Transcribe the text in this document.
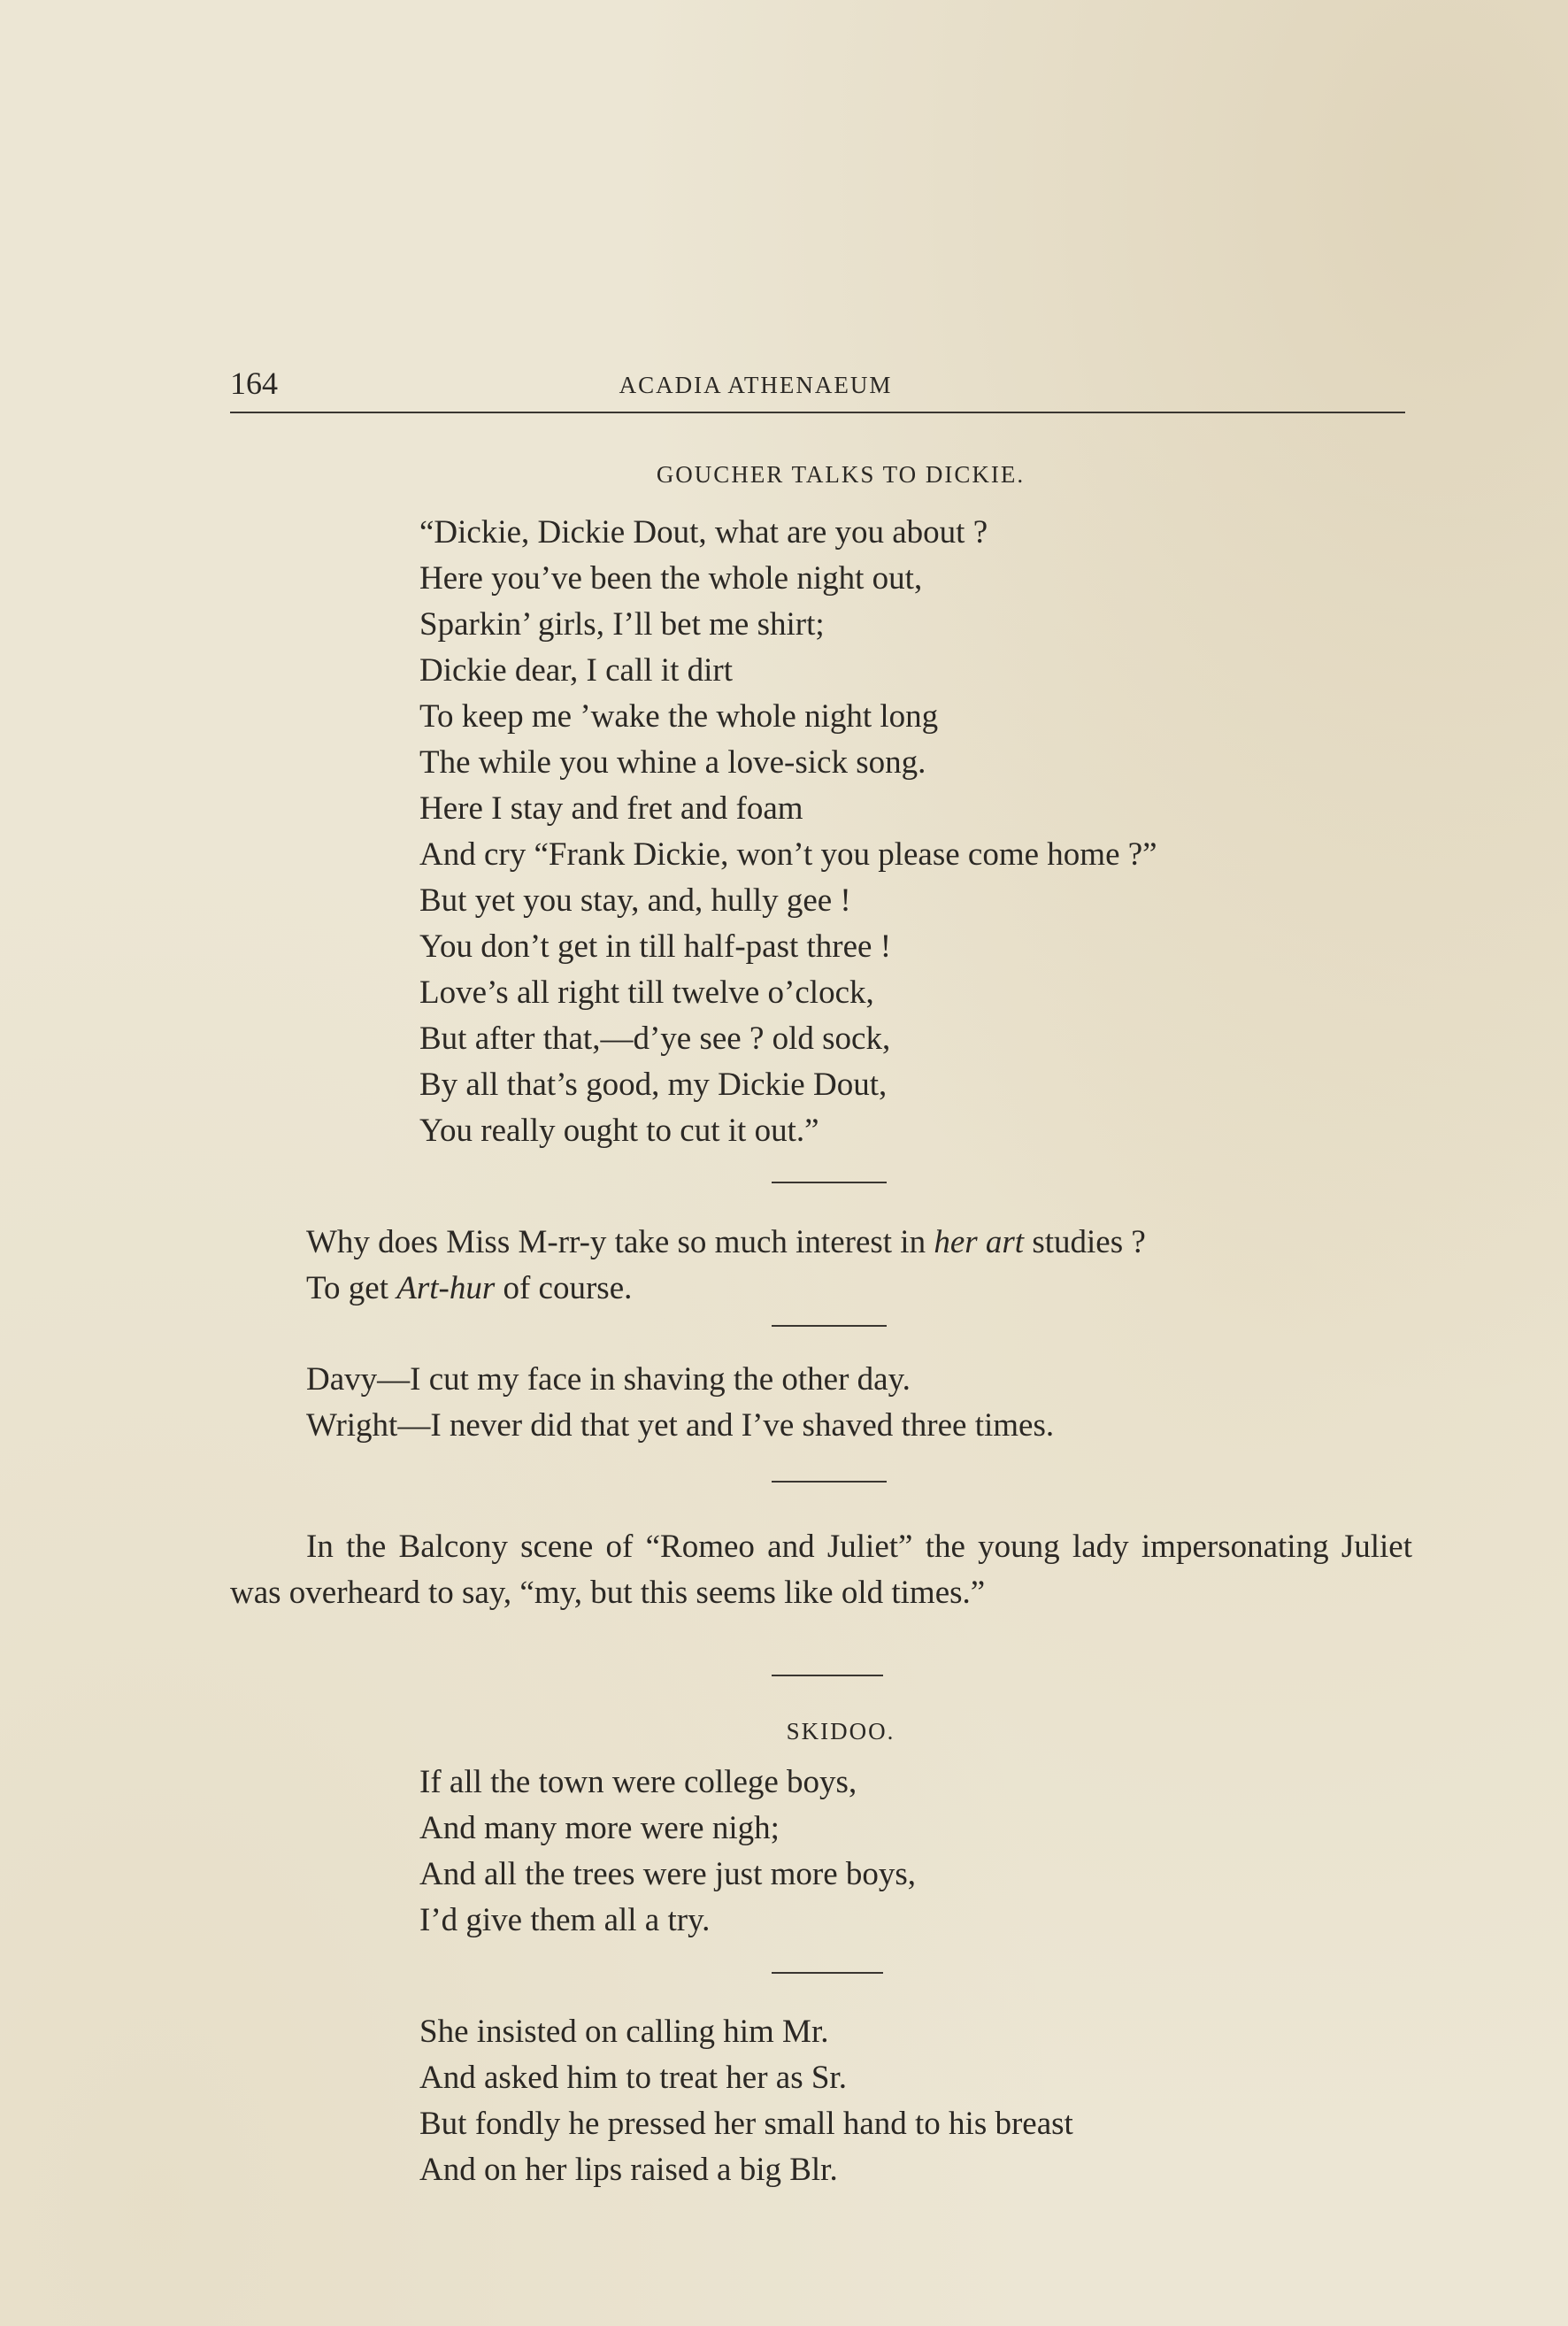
164	ACADIA ATHENAEUM
GOUCHER TALKS TO DICKIE.
“Dickie, Dickie Dout, what are you about ?
Here you’ve been the whole night out,
Sparkin’ girls, I’ll bet me shirt;
Dickie dear, I call it dirt
To keep me ’wake the whole night long
The while you whine a love-sick song.
Here I stay and fret and foam
And cry “Frank Dickie, won’t you please come home ?”
But yet you stay, and, hully gee !
You don’t get in till half-past three !
Love’s all right till twelve o’clock,
But after that,—d’ye see ? old sock,
By all that’s good, my Dickie Dout,
You really ought to cut it out.”

Why does Miss M-rr-y take so much interest in her art studies ?

To get Art-hur of course.

Davy—I cut my face in shaving the other day.

Wright—I never did that yet and I’ve shaved three times.

In the Balcony scene of “Romeo and Juliet” the young lady impersonating Juliet was overheard to say, “my, but this seems like old times.”

SKIDOO.
If all the town were college boys,
And many more were nigh;
And all the trees were just more boys,
I’d give them all a try.
She insisted on calling him Mr.
And asked him to treat her as Sr.
But fondly he pressed her small hand to his breast
And on her lips raised a big Blr.
